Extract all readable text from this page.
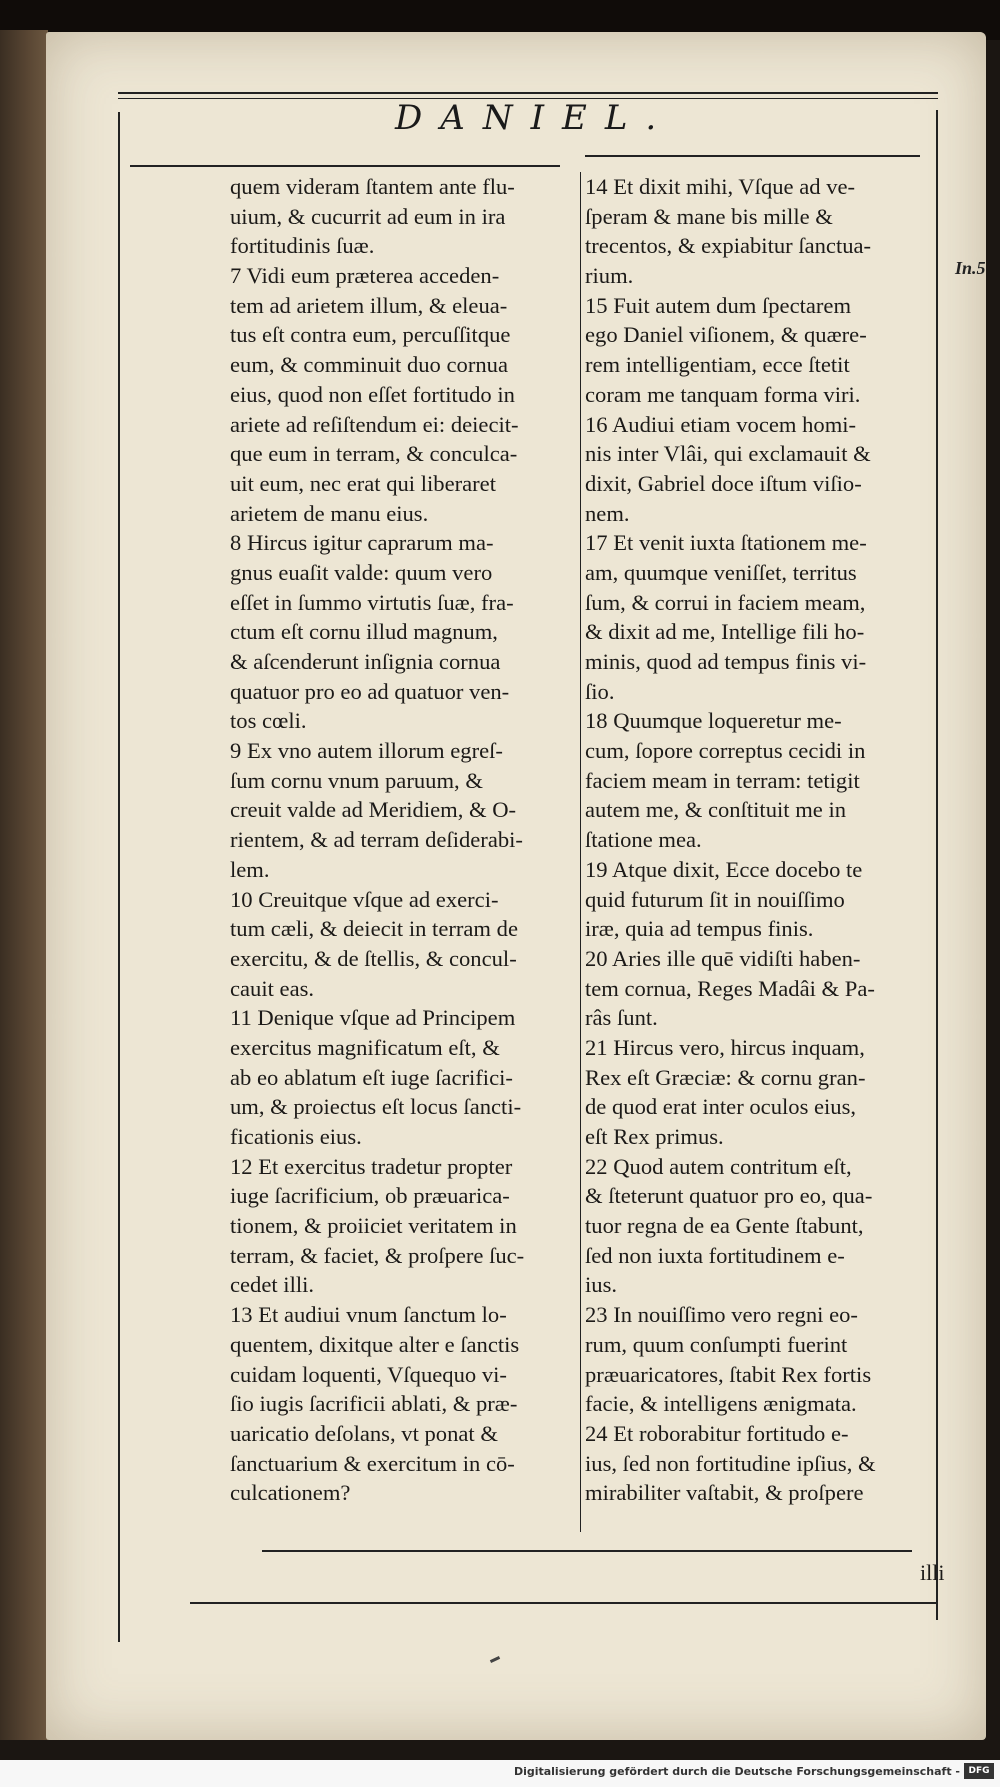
DANIEL.
In.5
quem videram ſtantem ante flu-
uium, & cucurrit ad eum in ira
fortitudinis ſuæ.
7 Vidi eum præterea acceden-
tem ad arietem illum, & eleua-
tus eſt contra eum, percuſſitque
eum, & comminuit duo cornua
eius, quod non eſſet fortitudo in
ariete ad reſiſtendum ei: deiecit-
que eum in terram, & conculca-
uit eum, nec erat qui liberaret
arietem de manu eius.
8 Hircus igitur caprarum ma-
gnus euaſit valde: quum vero
eſſet in ſummo virtutis ſuæ, fra-
ctum eſt cornu illud magnum,
& aſcenderunt inſignia cornua
quatuor pro eo ad quatuor ven-
tos cœli.
9 Ex vno autem illorum egreſ-
ſum cornu vnum paruum, &
creuit valde ad Meridiem, & O-
rientem, & ad terram deſiderabi-
lem.
10 Creuitque vſque ad exerci-
tum cæli, & deiecit in terram de
exercitu, & de ſtellis, & concul-
cauit eas.
11 Denique vſque ad Principem
exercitus magnificatum eſt, &
ab eo ablatum eſt iuge ſacrifici-
um, & proiectus eſt locus ſancti-
ficationis eius.
12 Et exercitus tradetur propter
iuge ſacrificium, ob præuarica-
tionem, & proiiciet veritatem in
terram, & faciet, & proſpere ſuc-
cedet illi.
13 Et audiui vnum ſanctum lo-
quentem, dixitque alter e ſanctis
cuidam loquenti, Vſquequo vi-
ſio iugis ſacrificii ablati, & præ-
uaricatio deſolans, vt ponat &
ſanctuarium & exercitum in cō-
culcationem?
14 Et dixit mihi, Vſque ad ve-
ſperam & mane bis mille &
trecentos, & expiabitur ſanctua-
rium.
15 Fuit autem dum ſpectarem
ego Daniel viſionem, & quære-
rem intelligentiam, ecce ſtetit
coram me tanquam forma viri.
16 Audiui etiam vocem homi-
nis inter Vlâi, qui exclamauit &
dixit, Gabriel doce iſtum viſio-
nem.
17 Et venit iuxta ſtationem me-
am, quumque veniſſet, territus
ſum, & corrui in faciem meam,
& dixit ad me, Intellige fili ho-
minis, quod ad tempus finis vi-
ſio.
18 Quumque loqueretur me-
cum, ſopore correptus cecidi in
faciem meam in terram: tetigit
autem me, & conſtituit me in
ſtatione mea.
19 Atque dixit, Ecce docebo te
quid futurum ſit in nouiſſimo
iræ, quia ad tempus finis.
20 Aries ille quē vidiſti haben-
tem cornua, Reges Madâi & Pa-
râs ſunt.
21 Hircus vero, hircus inquam,
Rex eſt Græciæ: & cornu gran-
de quod erat inter oculos eius,
eſt Rex primus.
22 Quod autem contritum eſt,
& ſteterunt quatuor pro eo, qua-
tuor regna de ea Gente ſtabunt,
ſed non iuxta fortitudinem e-
ius.
23 In nouiſſimo vero regni eo-
rum, quum conſumpti fuerint
præuaricatores, ſtabit Rex fortis
facie, & intelligens ænigmata.
24 Et roborabitur fortitudo e-
ius, ſed non fortitudine ipſius, &
mirabiliter vaſtabit, & proſpere
illi
Digitalisierung gefördert durch die Deutsche Forschungsgemeinschaft - DFG
